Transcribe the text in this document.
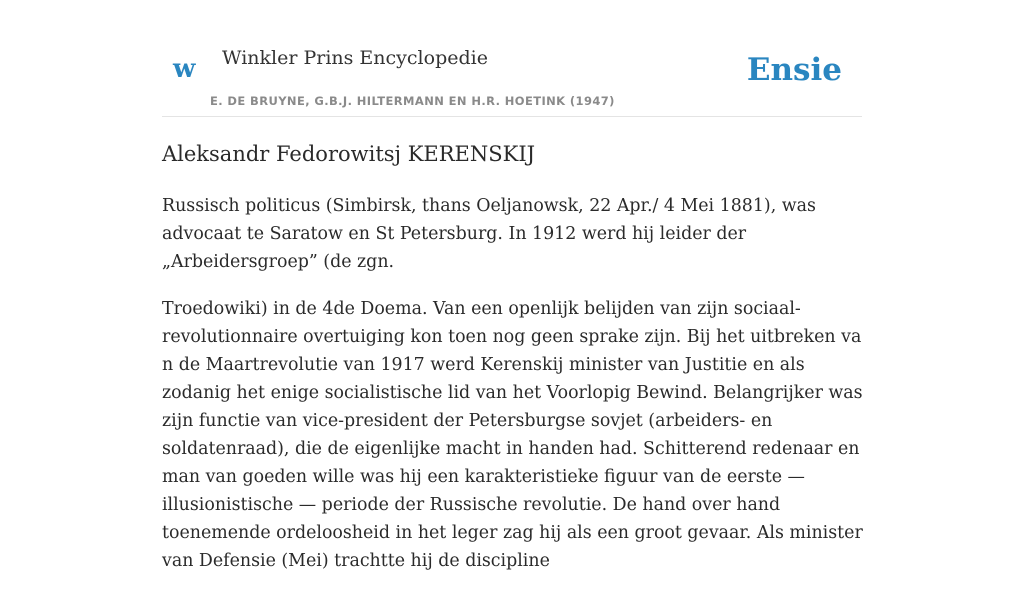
w Winkler Prins Encyclopedie
E. DE BRUYNE, G.B.J. HILTERMANN EN H.R. HOETINK (1947)
Ensie
Aleksandr Fedorowitsj KERENSKIJ

Russisch politicus (Simbirsk, thans Oeljanowsk, 22 Apr./ 4 Mei 1881), was advocaat te Saratow en St Petersburg. In 1912 werd hij leider der „Arbeidersgroep” (de zgn.

Troedowiki) in de 4de Doema. Van een openlijk belijden van zijn sociaal-revolutionnaire overtuiging kon toen nog geen sprake zijn. Bij het uitbreken va n de Maartrevolutie van 1917 werd Kerenskij minister van Justitie en als zodanig het enige socialistische lid van het Voorlopig Bewind. Belangrijker was zijn functie van vice-president der Petersburgse sovjet (arbeiders- en soldatenraad), die de eigenlijke macht in handen had. Schitterend redenaar en man van goeden wille was hij een karakteristieke figuur van de eerste — illusionistische — periode der Russische revolutie. De hand over hand toenemende ordeloosheid in het leger zag hij als een groot gevaar. Als minister van Defensie (Mei) trachtte hij de discipline
